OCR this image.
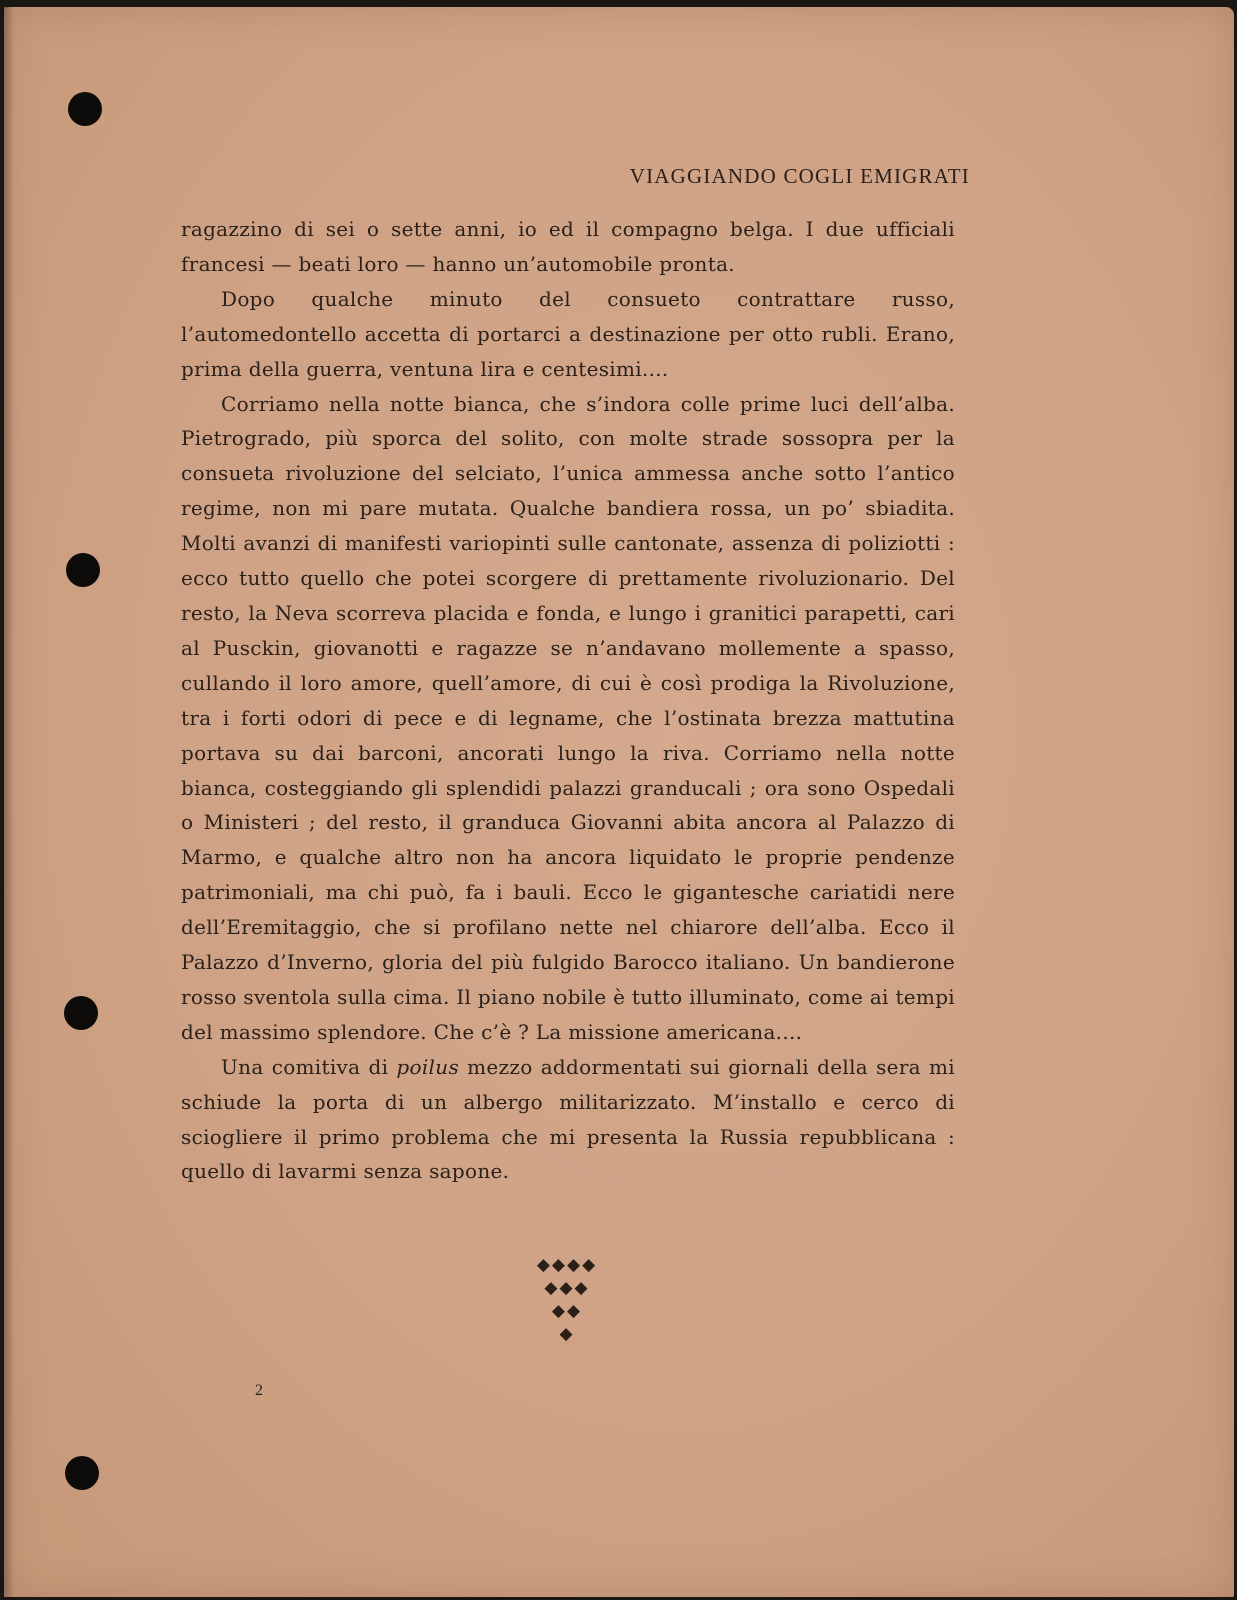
VIAGGIANDO COGLI EMIGRATI

ragazzino di sei o sette anni, io ed il compagno belga. I due ufficiali francesi — beati loro — hanno un’automobile pronta.

Dopo qualche minuto del consueto contrattare russo, l’automedontello accetta di portarci a destinazione per otto rubli. Erano, prima della guerra, ventuna lira e centesimi....

Corriamo nella notte bianca, che s’indora colle prime luci dell’alba. Pietrogrado, più sporca del solito, con molte strade sossopra per la consueta rivoluzione del selciato, l’unica ammessa anche sotto l’antico regime, non mi pare mutata. Qualche bandiera rossa, un po’ sbiadita. Molti avanzi di manifesti variopinti sulle cantonate, assenza di poliziotti : ecco tutto quello che potei scorgere di prettamente rivoluzionario. Del resto, la Neva scorreva placida e fonda, e lungo i granitici parapetti, cari al Pusckin, giovanotti e ragazze se n’andavano mollemente a spasso, cullando il loro amore, quell’amore, di cui è così prodiga la Rivoluzione, tra i forti odori di pece e di legname, che l’ostinata brezza mattutina portava su dai barconi, ancorati lungo la riva. Corriamo nella notte bianca, costeggiando gli splendidi palazzi granducali ; ora sono Ospedali o Ministeri ; del resto, il granduca Giovanni abita ancora al Palazzo di Marmo, e qualche altro non ha ancora liquidato le proprie pendenze patrimoniali, ma chi può, fa i bauli. Ecco le gigantesche cariatidi nere dell’Eremitaggio, che si profilano nette nel chiarore dell’alba. Ecco il Palazzo d’Inverno, gloria del più fulgido Barocco italiano. Un bandierone rosso sventola sulla cima. Il piano nobile è tutto illuminato, come ai tempi del massimo splendore. Che c’è ? La missione americana....

Una comitiva di poilus mezzo addormentati sui giornali della sera mi schiude la porta di un albergo militarizzato. M’installo e cerco di sciogliere il primo problema che mi presenta la Russia repubblicana : quello di lavarmi senza sapone.

◆◆◆◆
◆◆◆
◆◆
◆
2
